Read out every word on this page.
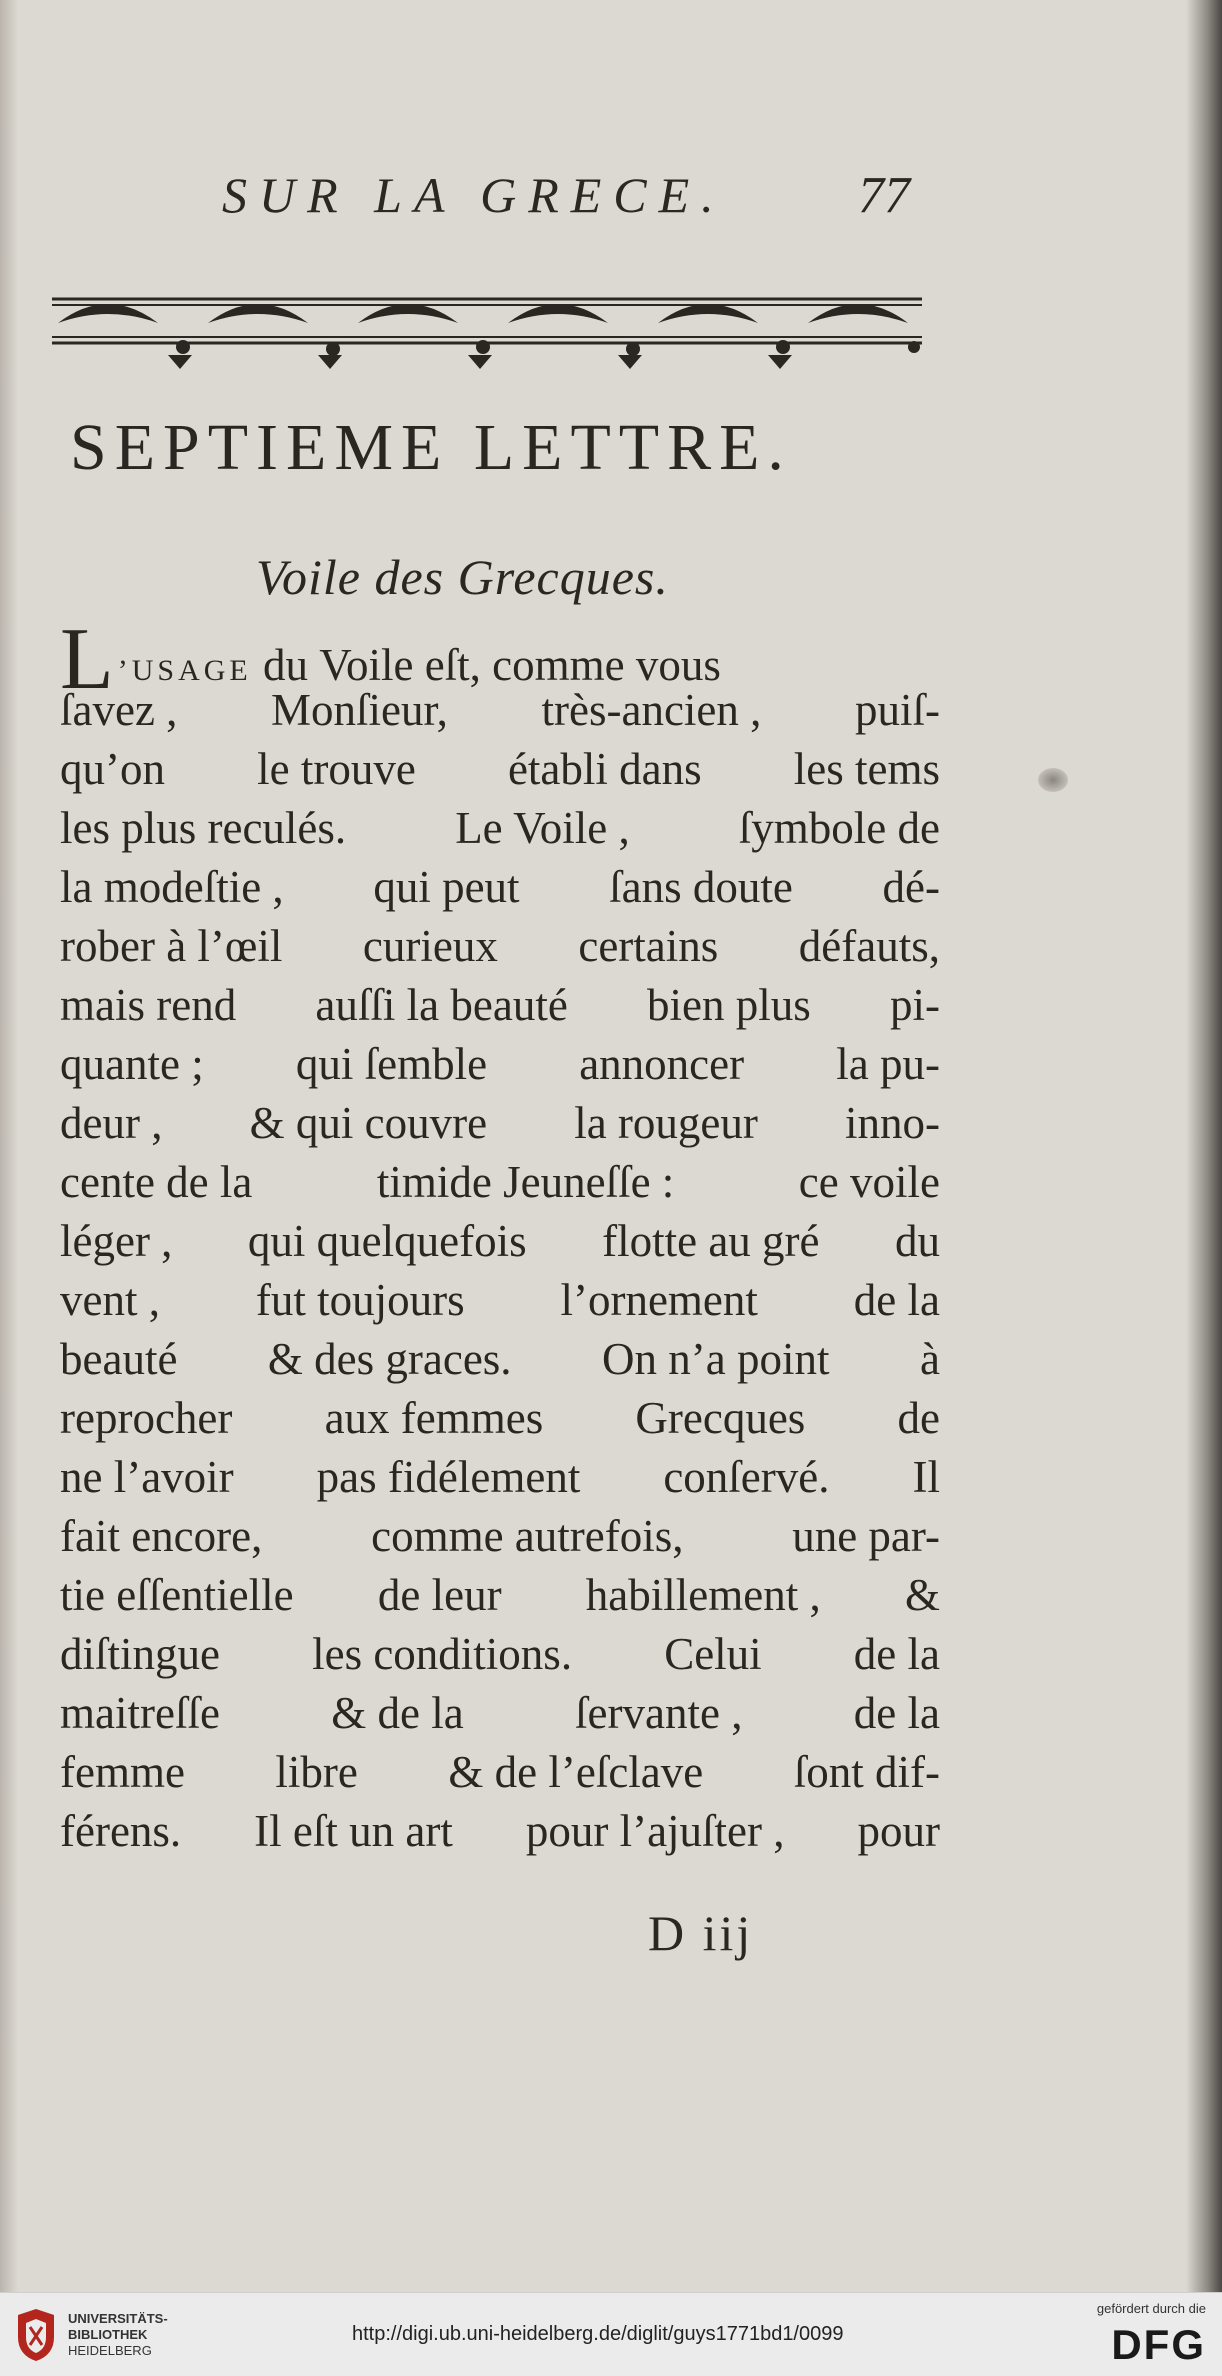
SUR LA GRECE.	77
SEPTIEME LETTRE.
Voile des Grecques.
L ’USAGE du Voile eſt, comme vous
ſavez , Monſieur, très-ancien , puiſ-
qu’on le trouve établi dans les tems
les plus reculés. Le Voile , ſymbole de
la modeſtie , qui peut ſans doute dé-
rober à l’œil curieux certains défauts,
mais rend auſſi la beauté bien plus pi-
quante ; qui ſemble annoncer la pu-
deur , & qui couvre la rougeur inno-
cente de la	timide Jeuneſſe :	ce voile
léger , qui quelquefois flotte au gré du
vent , fut toujours l’ornement de la
beauté & des graces. On n’a point à
reprocher aux femmes Grecques de
ne l’avoir pas fidélement conſervé. Il
fait encore, comme autrefois, une par-
tie eſſentielle de leur habillement , &
diſtingue les conditions. Celui de la
maitreſſe & de la ſervante , de la
femme libre & de l’eſclave ſont dif-
férens. Il eſt un art pour l’ajuſter , pour
D iij
UNIVERSITÄTS-
BIBLIOTHEK
HEIDELBERG
http://digi.ub.uni-heidelberg.de/diglit/guys1771bd1/0099
gefördert durch die
DFG
